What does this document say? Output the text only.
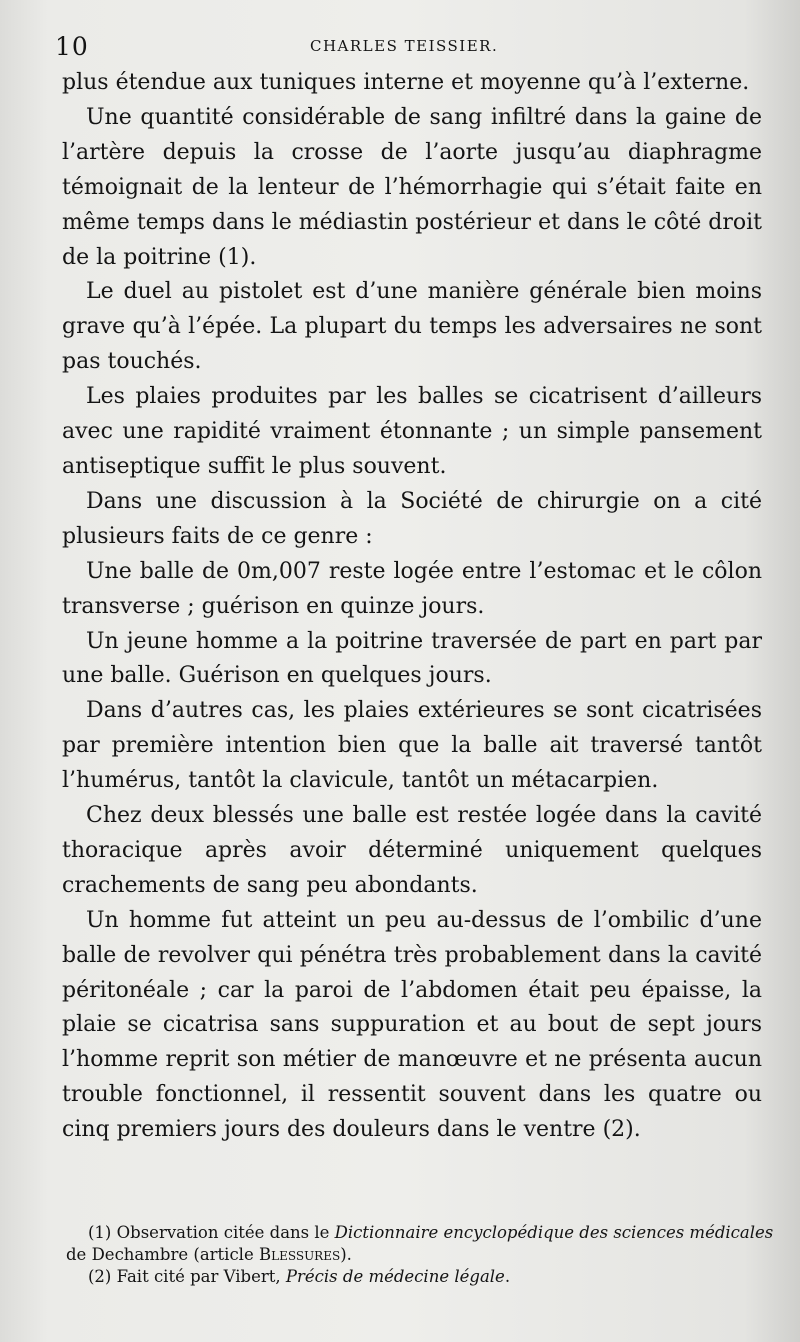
10	CHARLES TEISSIER.

plus étendue aux tuniques interne et moyenne qu’à l’externe.

Une quantité considérable de sang infiltré dans la gaine de l’artère depuis la crosse de l’aorte jusqu’au diaphragme témoignait de la lenteur de l’hémorrhagie qui s’était faite en même temps dans le médiastin postérieur et dans le côté droit de la poitrine (1).

Le duel au pistolet est d’une manière générale bien moins grave qu’à l’épée. La plupart du temps les adversaires ne sont pas touchés.

Les plaies produites par les balles se cicatrisent d’ailleurs avec une rapidité vraiment étonnante ; un simple pansement antiseptique suffit le plus souvent.

Dans une discussion à la Société de chirurgie on a cité plusieurs faits de ce genre :

Une balle de 0m,007 reste logée entre l’estomac et le côlon transverse ; guérison en quinze jours.

Un jeune homme a la poitrine traversée de part en part par une balle. Guérison en quelques jours.

Dans d’autres cas, les plaies extérieures se sont cicatrisées par première intention bien que la balle ait traversé tantôt l’humérus, tantôt la clavicule, tantôt un métacarpien.

Chez deux blessés une balle est restée logée dans la cavité thoracique après avoir déterminé uniquement quelques crachements de sang peu abondants.

Un homme fut atteint un peu au-dessus de l’ombilic d’une balle de revolver qui pénétra très probablement dans la cavité péritonéale ; car la paroi de l’abdomen était peu épaisse, la plaie se cicatrisa sans suppuration et au bout de sept jours l’homme reprit son métier de manœuvre et ne présenta aucun trouble fonctionnel, il ressentit souvent dans les quatre ou cinq premiers jours des douleurs dans le ventre (2).

(1) Observation citée dans le Dictionnaire encyclopédique des sciences médicales de Dechambre (article Blessures).

(2) Fait cité par Vibert, Précis de médecine légale.
